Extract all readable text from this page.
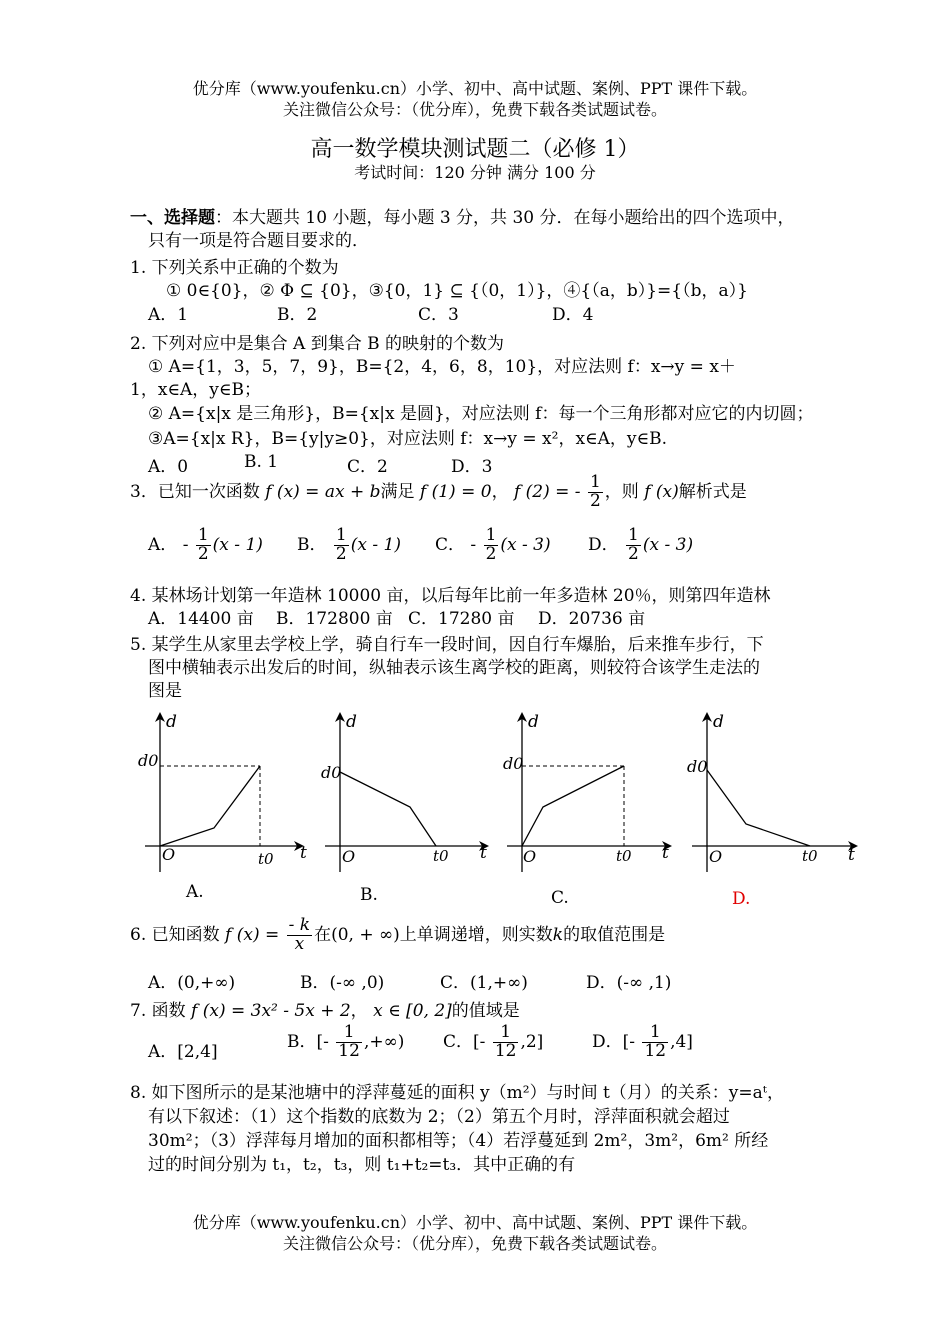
优分库（www.youfenku.cn）小学、初中、高中试题、案例、PPT 课件下载。
关注微信公众号：（优分库），免费下载各类试题试卷。
高一数学模块测试题二（必修 1）
考试时间：120 分钟 满分 100 分
一、选择题：本大题共 10 小题，每小题 3 分，共 30 分．在每小题给出的四个选项中，
只有一项是符合题目要求的．
1. 下列关系中正确的个数为
① 0∈{0}，② Φ ⊆ {0}，③{0，1} ⊆ {（0，1）}，④{（a，b）}={（b，a）}
A．1	B．2	C．3	D．4
2. 下列对应中是集合 A 到集合 B 的映射的个数为
① A={1，3，5，7，9}，B={2，4，6，8，10}，对应法则 f：x→y = x＋
1，x∈A，y∈B；
② A={x|x 是三角形}，B={x|x 是圆}，对应法则 f：每一个三角形都对应它的内切圆；
③A={x|x R}，B={y|y≥0}，对应法则 f：x→y = x²，x∈A，y∈B.
A．0	B. 1	C．2	D．3
3．已知一次函数 f (x) = ax + b满足 f (1) = 0， f (2) = - $\frac{1}{2}$ ，则 f (x)解析式是
A． - $\frac{1}{2} (x - 1)$ B． $\frac{1}{2} (x - 1)$ C． - $\frac{1}{2} (x - 3)$ D． $\frac{1}{2} (x - 3)$
4. 某林场计划第一年造林 10000 亩，以后每年比前一年多造林 20％，则第四年造林
A．14400 亩 B．172800 亩 C．17280 亩 D．20736 亩
5. 某学生从家里去学校上学，骑自行车一段时间，因自行车爆胎，后来推车步行，下
图中横轴表示出发后的时间，纵轴表示该生离学校的距离，则较符合该学生走法的
图是
d
d0
O	t0 t
d
d0
O	t0 t
d
d0
O	t0 t
d
d0
O	t0 t
A.	B.	C.	D.
6. 已知函数 f $(x) = \frac{- k}{x}$ 在(0, + ∞)上单调递增，则实数k的取值范围是
A．(0,+∞)	B．(-∞ ,0)	C．(1,+∞)	D．(-∞ ,1)
7. 函数 f (x) = 3x² - 5x + 2， x ∈ [0, 2]的值域是
A．[2,4]
B．[- $\frac{1}{12}$ ,+∞) C．[- $\frac{1}{12} ,2$]	D．[- $\frac{1}{12} ,4$]
8. 如下图所示的是某池塘中的浮萍蔓延的面积 y（m²）与时间 t（月）的关系：y=aᵗ，
有以下叙述：（1）这个指数的底数为 2；（2）第五个月时，浮萍面积就会超过
30m²；（3）浮萍每月增加的面积都相等；（4）若浮蔓延到 2m²，3m²，6m² 所经
过的时间分别为 t₁，t₂，t₃，则 t₁+t₂=t₃．其中正确的有
优分库（www.youfenku.cn）小学、初中、高中试题、案例、PPT 课件下载。
关注微信公众号：（优分库），免费下载各类试题试卷。
